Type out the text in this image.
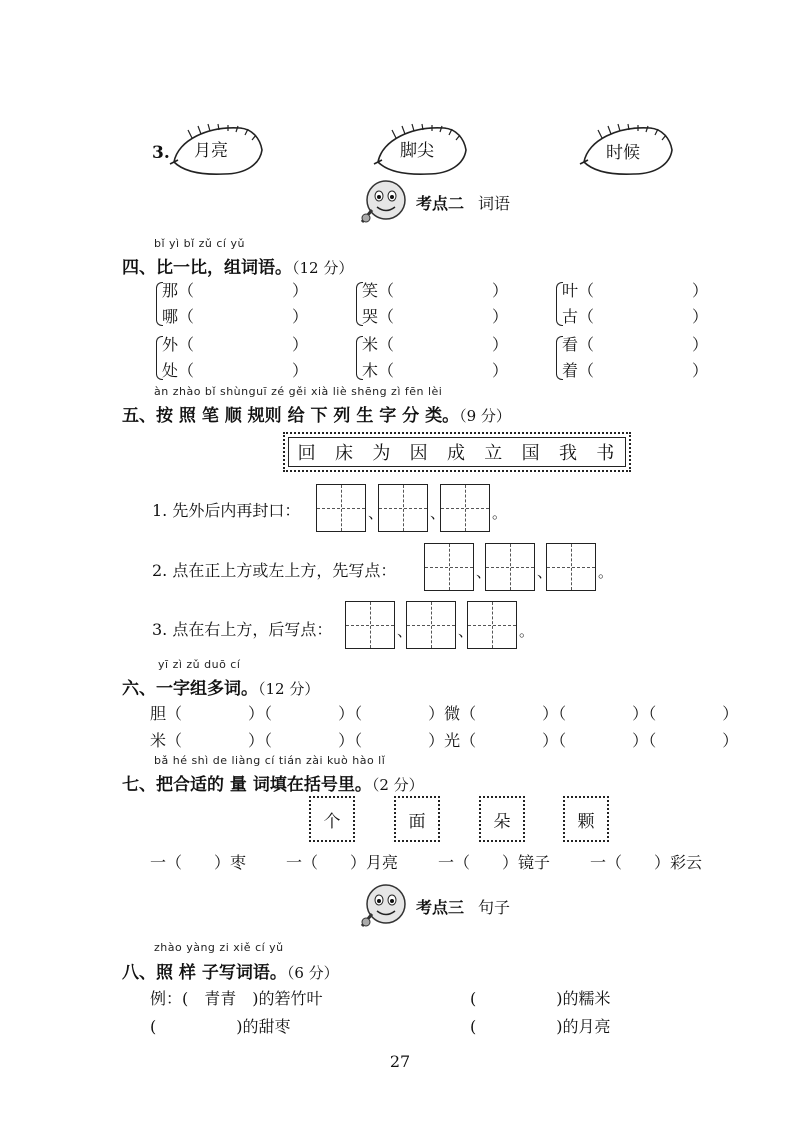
3. 月亮	脚尖	时候
考点二 词语
bǐ yì bǐ zǔ cí yǔ
四、比一比，组词语。（12 分）
那（	）
哪（	）
笑（	）
哭（	）
叶（	）
古（	）
外（	）
处（	）
米（	）
木（	）
看（	）
着（	）
àn zhào bǐ shùnguī zé gěi xià liè shēng zì fēn lèi
五、按 照 笔 顺 规则 给 下 列 生 字 分 类。（9 分）
回 床 为 因 成 立 国 我 书
1. 先外后内再封口：	、	、	。
2. 点在正上方或左上方，先写点：	、	、	。
3. 点在右上方，后写点：	、	、	。
yī zì zǔ duō cí
六、一字组多词。（12 分）
胆（	）（	）（	）微（	）（	）（	）
米（	）（	）（	）光（	）（	）（	）
bǎ hé shì de liàng cí tián zài kuò hào lǐ
七、把合适的 量 词填在括号里。（2 分）
个	面	朵	颗
一（　　）枣 一（　　）月亮 一（　　）镜子 一（　　）彩云
考点三 句子
zhào yàng zi xiě cí yǔ
八、照 样 子写词语。（6 分）
例：(　青青　)的箬竹叶	(　　　　　)的糯米
(　　　　　)的甜枣	(　　　　　)的月亮
27
